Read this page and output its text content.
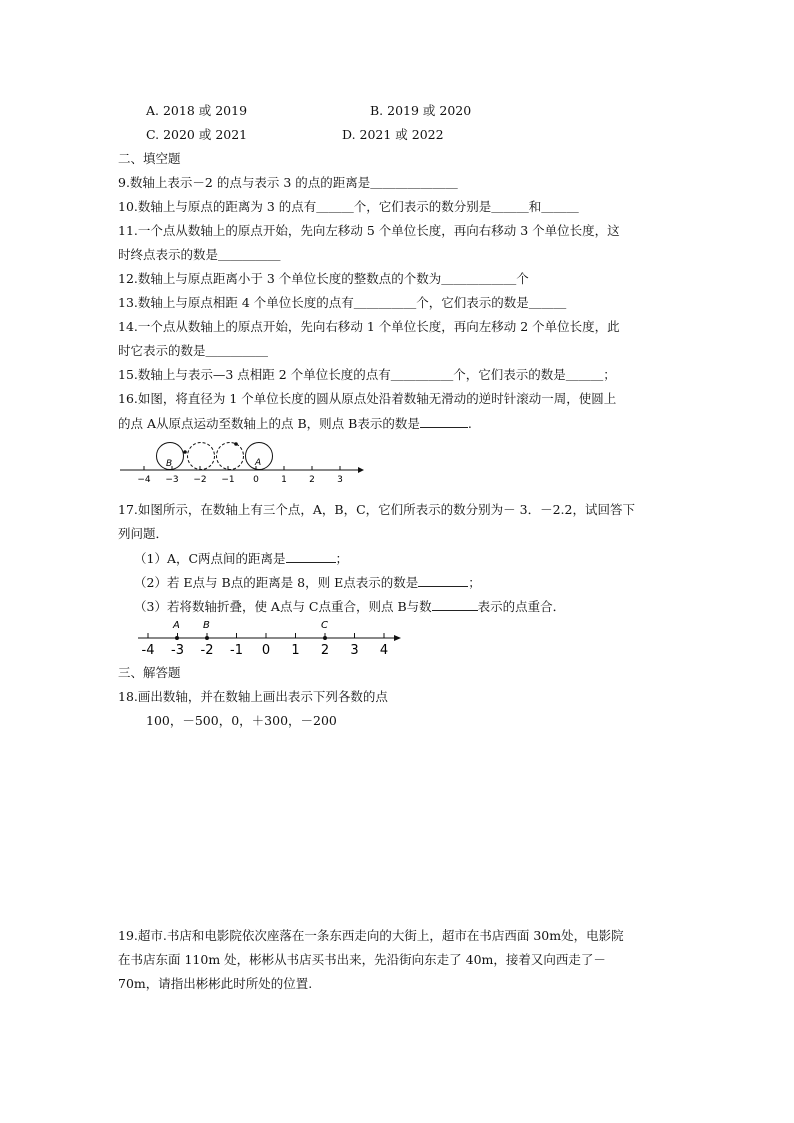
A. 2018 或 2019	B. 2019 或 2020
C. 2020 或 2021	D. 2021 或 2022
二、填空题
9.数轴上表示－2 的点与表示 3 的点的距离是＿＿＿＿＿＿＿
10.数轴上与原点的距离为 3 的点有＿＿＿个，它们表示的数分别是＿＿＿和＿＿＿
11.一个点从数轴上的原点开始，先向左移动 5 个单位长度，再向右移动 3 个单位长度，这
时终点表示的数是＿＿＿＿＿
12.数轴上与原点距离小于 3 个单位长度的整数点的个数为＿＿＿＿＿＿个
13.数轴上与原点相距 4 个单位长度的点有＿＿＿＿＿个，它们表示的数是＿＿＿
14.一个点从数轴上的原点开始，先向右移动 1 个单位长度，再向左移动 2 个单位长度，此
时它表示的数是＿＿＿＿＿
15.数轴上与表示—3 点相距 2 个单位长度的点有＿＿＿＿＿个，它们表示的数是＿＿＿；
16.如图，将直径为 1 个单位长度的圆从原点处沿着数轴无滑动的逆时针滚动一周，使圆上
的点 A从原点运动至数轴上的点 B，则点 B表示的数是	.
−4 −3 −2 −1 0 1 2 3
B	A
17.如图所示，在数轴上有三个点，A，B，C，它们所表示的数分别为－ 3．－2.2，试回答下
列问题．
（1）A，C两点间的距离是	；
（2）若 E点与 B点的距离是 8，则 E点表示的数是	；
（3）若将数轴折叠，使 A点与 C点重合，则点 B与数	表示的点重合．
-4 -3 -2 -1 0 1 2 3 4
A B	C
三、解答题
18.画出数轴，并在数轴上画出表示下列各数的点
100，－500，0，＋300，－200
19.超市.书店和电影院依次座落在一条东西走向的大街上，超市在书店西面 30m处，电影院
在书店东面 110m 处，彬彬从书店买书出来，先沿街向东走了 40m，接着又向西走了－
70m，请指出彬彬此时所处的位置.
